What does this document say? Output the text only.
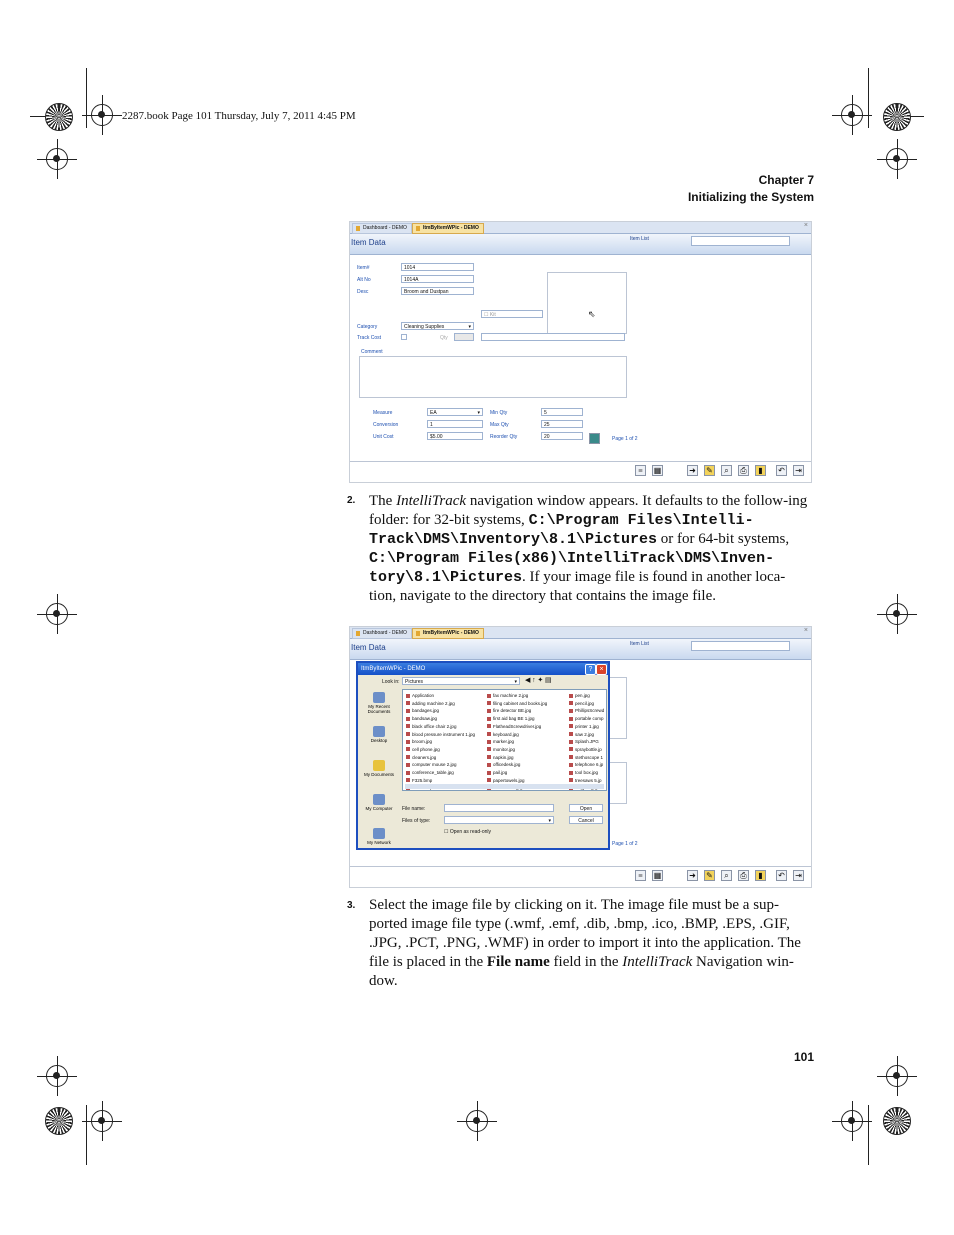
2287.book Page 101 Thursday, July 7, 2011 4:45 PM
Chapter 7
Initializing the System
Dashboard - DEMO	ItmByItemWPic - DEMO	×
Item Data	Item List
Item#	1014
Alt No	1014A
Desc	Broom and Dustpan
⇖
☐ Kit
Category	Cleaning Supplies	▾
Track Cost	Qty
Comment
Measure	EA	▾
Conversion	1
Unit Cost	$5.00
Min Qty	5
Max Qty	25
Reorder Qty	20	Page 1 of 2
≡	▦	➜ ✎	⌕	⎙	▮	↶ ⇥
2. The IntelliTrack navigation window appears. It defaults to the follow-ing folder: for 32-bit systems, C:\Program Files\Intelli-Track\DMS\Inventory\8.1\Pictures or for 64-bit systems, C:\Program Files(x86)\IntelliTrack\DMS\Inven-tory\8.1\Pictures. If your image file is found in another loca-tion, navigate to the directory that contains the image file.
Dashboard - DEMO	ItmByItemWPic - DEMO	×
Item Data	Item List
Page 1 of 2
ItmByItemWPic - DEMO	?	×
Look in:	Pictures	▾ ◀ ↑ ✦ ▤
My Recent Documents
Desktop
My Documents
My Computer
My Network
Application
adding machine 2.jpg
bandages.jpg
bandsaw.jpg
black office chair 2.jpg
blood pressure instrument 1.jpg
broom.jpg
cell phone.jpg
cleaners.jpg
computer mouse 2.jpg
conference_table.jpg
F325.bmp
fax machine 2.jpg
filing cabinet and books.jpg
fire detector BE.jpg
first aid bag BE 1.jpg
FlatheadScrewdriver.jpg
keyboard.jpg
marker.jpg
monitor.jpg
napkin.jpg
officedesk.jpg
pail.jpg
papertowels.jpg
pen.jpg
pencil.jpg
PhillipsScrewd
portable comp
printer 1.jpg
saw 2.jpg
Splash.JPG
spraybottle.jp
stethoscope 1
telephone 6.jp
tool box.jpg
treesaws 5.jp
File name:
Files of type:	▾
Open
Cancel
☐ Open as read-only
≡	▦	➜ ✎	⌕	⎙	▮	↶ ⇥
3. Select the image file by clicking on it. The image file must be a sup-ported image file type (.wmf, .emf, .dib, .bmp, .ico, .BMP, .EPS, .GIF, .JPG, .PCT, .PNG, .WMF) in order to import it into the application. The file is placed in the File name field in the IntelliTrack Navigation win-dow.
101
